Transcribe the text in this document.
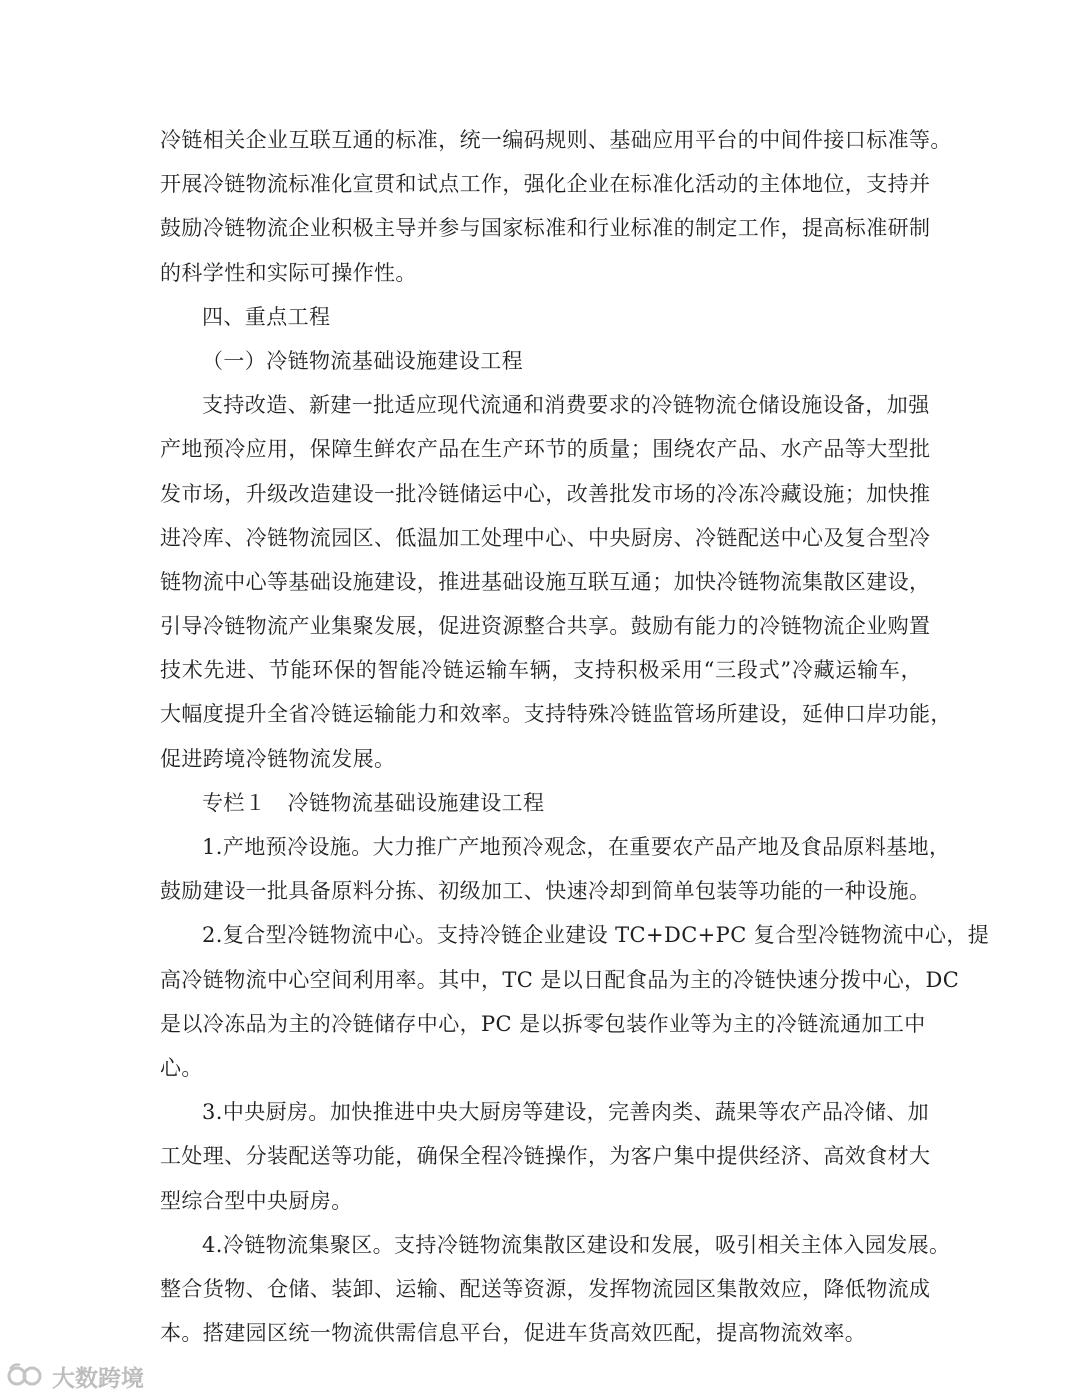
冷链相关企业互联互通的标准，统一编码规则、基础应用平台的中间件接口标准等。
开展冷链物流标准化宣贯和试点工作，强化企业在标准化活动的主体地位，支持并
鼓励冷链物流企业积极主导并参与国家标准和行业标准的制定工作，提高标准研制
的科学性和实际可操作性。
四、重点工程
（一）冷链物流基础设施建设工程
支持改造、新建一批适应现代流通和消费要求的冷链物流仓储设施设备，加强
产地预冷应用，保障生鲜农产品在生产环节的质量；围绕农产品、水产品等大型批
发市场，升级改造建设一批冷链储运中心，改善批发市场的冷冻冷藏设施；加快推
进冷库、冷链物流园区、低温加工处理中心、中央厨房、冷链配送中心及复合型冷
链物流中心等基础设施建设，推进基础设施互联互通；加快冷链物流集散区建设，
引导冷链物流产业集聚发展，促进资源整合共享。鼓励有能力的冷链物流企业购置
技术先进、节能环保的智能冷链运输车辆，支持积极采用“三段式”冷藏运输车，
大幅度提升全省冷链运输能力和效率。支持特殊冷链监管场所建设，延伸口岸功能，
促进跨境冷链物流发展。
专栏１　冷链物流基础设施建设工程
1.产地预冷设施。大力推广产地预冷观念，在重要农产品产地及食品原料基地，
鼓励建设一批具备原料分拣、初级加工、快速冷却到简单包装等功能的一种设施。
2.复合型冷链物流中心。支持冷链企业建设 TC+DC+PC 复合型冷链物流中心，提
高冷链物流中心空间利用率。其中，TC 是以日配食品为主的冷链快速分拨中心，DC
是以冷冻品为主的冷链储存中心，PC 是以拆零包装作业等为主的冷链流通加工中
心。
3.中央厨房。加快推进中央大厨房等建设，完善肉类、蔬果等农产品冷储、加
工处理、分装配送等功能，确保全程冷链操作，为客户集中提供经济、高效食材大
型综合型中央厨房。
4.冷链物流集聚区。支持冷链物流集散区建设和发展，吸引相关主体入园发展。
整合货物、仓储、装卸、运输、配送等资源，发挥物流园区集散效应，降低物流成
本。搭建园区统一物流供需信息平台，促进车货高效匹配，提高物流效率。
大数跨境
